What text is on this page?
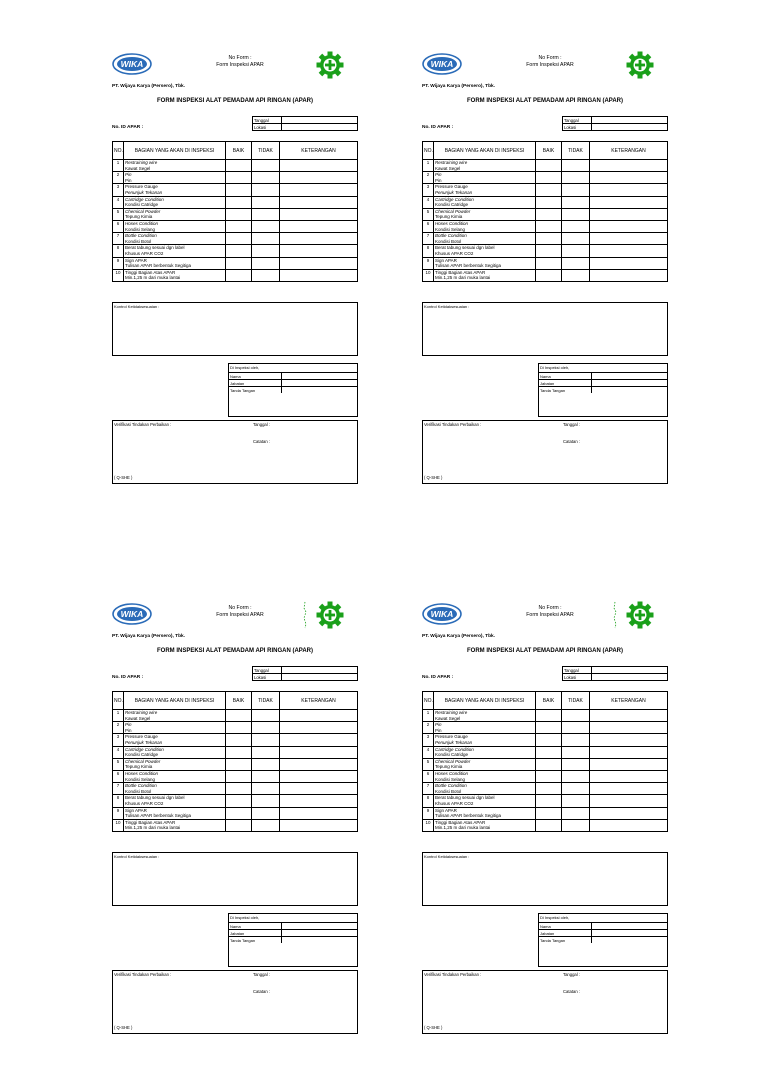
WIKA
No Form :
Form Inspeksi APAR
PT. Wijaya Karya (Persero), Tbk.
FORM INSPEKSI ALAT PEMADAM API RINGAN (APAR)
No. ID APAR :
Tanggal	
Lokasi	
NO.	BAGIAN YANG AKAN DI INSPEKSI	BAIK	TIDAK	KETERANGAN
1	Restraining wire
Kawat Segel			

2	Pin
Pin			

3	Pressure Gauge
Penunjuk Tekanan			

4	Cartridge Condition
Kondisi Catridge			

5	Chemical Powder
Tepung Kimia			

6	Hoses Condition
Kondisi Selang			

7	Bottle Condition
Kondisi Botol			

8	Berat tabung sesuai dgn label
Khusus APAR CO2			

9	Sign APAR
Tulisan APAR berbentuk Segitiga			

10	Tinggi Bagian Atas APAR
Min.1,25 m dari muka lantai			

Kontrol Ketidaksesuaian :
Di Inspeksi oleh,
Nama	
Jabatan	
Tanda Tangan	
Verifikasi Tindakan Perbaikan :	Tanggal :
Catatan :
( Q-SHE )
WIKA
No Form :
Form Inspeksi APAR
PT. Wijaya Karya (Persero), Tbk.
FORM INSPEKSI ALAT PEMADAM API RINGAN (APAR)
No. ID APAR :
Tanggal	
Lokasi	
NO.	BAGIAN YANG AKAN DI INSPEKSI	BAIK	TIDAK	KETERANGAN
1	Restraining wire
Kawat Segel			

2	Pin
Pin			

3	Pressure Gauge
Penunjuk Tekanan			

4	Cartridge Condition
Kondisi Catridge			

5	Chemical Powder
Tepung Kimia			

6	Hoses Condition
Kondisi Selang			

7	Bottle Condition
Kondisi Botol			

8	Berat tabung sesuai dgn label
Khusus APAR CO2			

9	Sign APAR
Tulisan APAR berbentuk Segitiga			

10	Tinggi Bagian Atas APAR
Min.1,25 m dari muka lantai			

Kontrol Ketidaksesuaian :
Di Inspeksi oleh,
Nama	
Jabatan	
Tanda Tangan	
Verifikasi Tindakan Perbaikan :	Tanggal :
Catatan :
( Q-SHE )
WIKA
No Form :
Form Inspeksi APAR
PT. Wijaya Karya (Persero), Tbk.
FORM INSPEKSI ALAT PEMADAM API RINGAN (APAR)
No. ID APAR :
Tanggal	
Lokasi	
NO.	BAGIAN YANG AKAN DI INSPEKSI	BAIK	TIDAK	KETERANGAN
1	Restraining wire
Kawat Segel			

2	Pin
Pin			

3	Pressure Gauge
Penunjuk Tekanan			

4	Cartridge Condition
Kondisi Catridge			

5	Chemical Powder
Tepung Kimia			

6	Hoses Condition
Kondisi Selang			

7	Bottle Condition
Kondisi Botol			

8	Berat tabung sesuai dgn label
Khusus APAR CO2			

9	Sign APAR
Tulisan APAR berbentuk Segitiga			

10	Tinggi Bagian Atas APAR
Min.1,25 m dari muka lantai			

Kontrol Ketidaksesuaian :
Di Inspeksi oleh,
Nama	
Jabatan	
Tanda Tangan	
Verifikasi Tindakan Perbaikan :	Tanggal :
Catatan :
( Q-SHE )
WIKA
No Form :
Form Inspeksi APAR
PT. Wijaya Karya (Persero), Tbk.
FORM INSPEKSI ALAT PEMADAM API RINGAN (APAR)
No. ID APAR :
Tanggal	
Lokasi	
NO.	BAGIAN YANG AKAN DI INSPEKSI	BAIK	TIDAK	KETERANGAN
1	Restraining wire
Kawat Segel			

2	Pin
Pin			

3	Pressure Gauge
Penunjuk Tekanan			

4	Cartridge Condition
Kondisi Catridge			

5	Chemical Powder
Tepung Kimia			

6	Hoses Condition
Kondisi Selang			

7	Bottle Condition
Kondisi Botol			

8	Berat tabung sesuai dgn label
Khusus APAR CO2			

9	Sign APAR
Tulisan APAR berbentuk Segitiga			

10	Tinggi Bagian Atas APAR
Min.1,25 m dari muka lantai			

Kontrol Ketidaksesuaian :
Di Inspeksi oleh,
Nama	
Jabatan	
Tanda Tangan	
Verifikasi Tindakan Perbaikan :	Tanggal :
Catatan :
( Q-SHE )
